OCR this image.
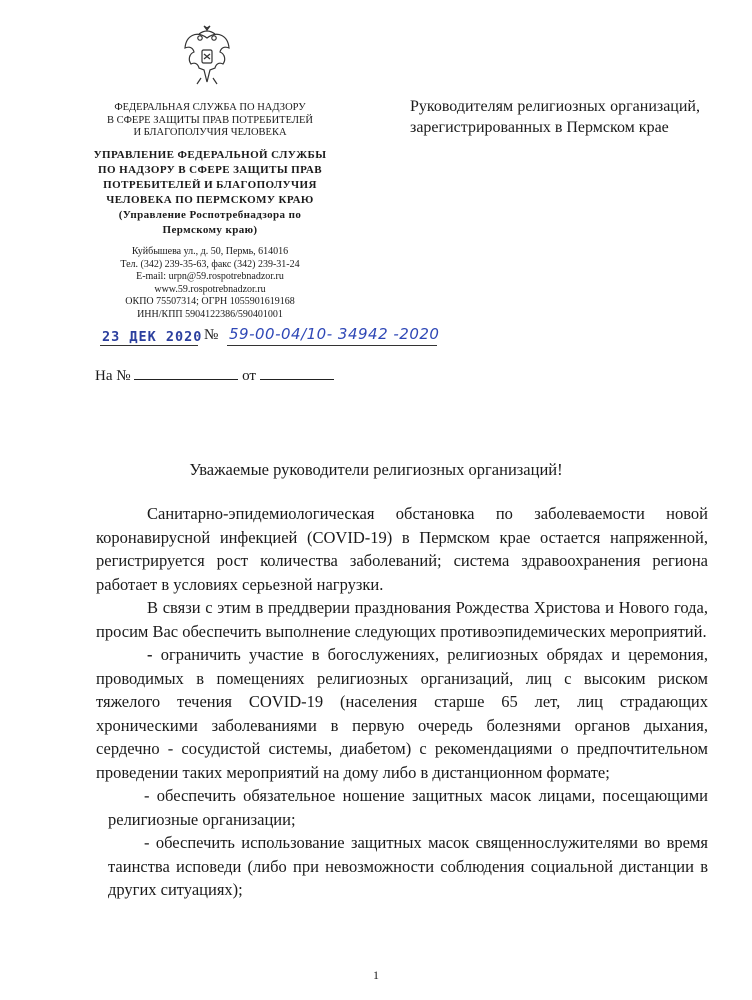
ФЕДЕРАЛЬНАЯ СЛУЖБА ПО НАДЗОРУ
В СФЕРЕ ЗАЩИТЫ ПРАВ ПОТРЕБИТЕЛЕЙ
И БЛАГОПОЛУЧИЯ ЧЕЛОВЕКА
УПРАВЛЕНИЕ ФЕДЕРАЛЬНОЙ СЛУЖБЫ
ПО НАДЗОРУ В СФЕРЕ ЗАЩИТЫ ПРАВ
ПОТРЕБИТЕЛЕЙ И БЛАГОПОЛУЧИЯ
ЧЕЛОВЕКА ПО ПЕРМСКОМУ КРАЮ
(Управление Роспотребнадзора по
Пермскому краю)
Куйбышева ул., д. 50, Пермь, 614016
Тел. (342) 239-35-63, факс (342) 239-31-24
E-mail: urpn@59.rospotrebnadzor.ru
www.59.rospotrebnadzor.ru
ОКПО 75507314; ОГРН 1055901619168
ИНН/КПП 5904122386/590401001
Руководителям религиозных организаций, зарегистрированных в Пермском крае
23 ДЕК 2020 № 59-00-04/10- 34942 -2020
На №	от
Уважаемые руководители религиозных организаций!

Санитарно-эпидемиологическая обстановка по заболеваемости новой коронавирусной инфекцией (COVID-19) в Пермском крае остается напряженной, регистрируется рост количества заболеваний; система здравоохранения региона работает в условиях серьезной нагрузки.

В связи с этим в преддверии празднования Рождества Христова и Нового года, просим Вас обеспечить выполнение следующих противоэпидемических мероприятий.

- ограничить участие в богослужениях, религиозных обрядах и церемония, проводимых в помещениях религиозных организаций, лиц с высоким риском тяжелого течения COVID-19 (населения старше 65 лет, лиц страдающих хроническими заболеваниями в первую очередь болезнями органов дыхания, сердечно - сосудистой системы, диабетом) с рекомендациями о предпочтительном проведении таких мероприятий на дому либо в дистанционном формате;

- обеспечить обязательное ношение защитных масок лицами, посещающими религиозные организации;

- обеспечить использование защитных масок священнослужителями во время таинства исповеди (либо при невозможности соблюдения социальной дистанции в других ситуациях);

1
